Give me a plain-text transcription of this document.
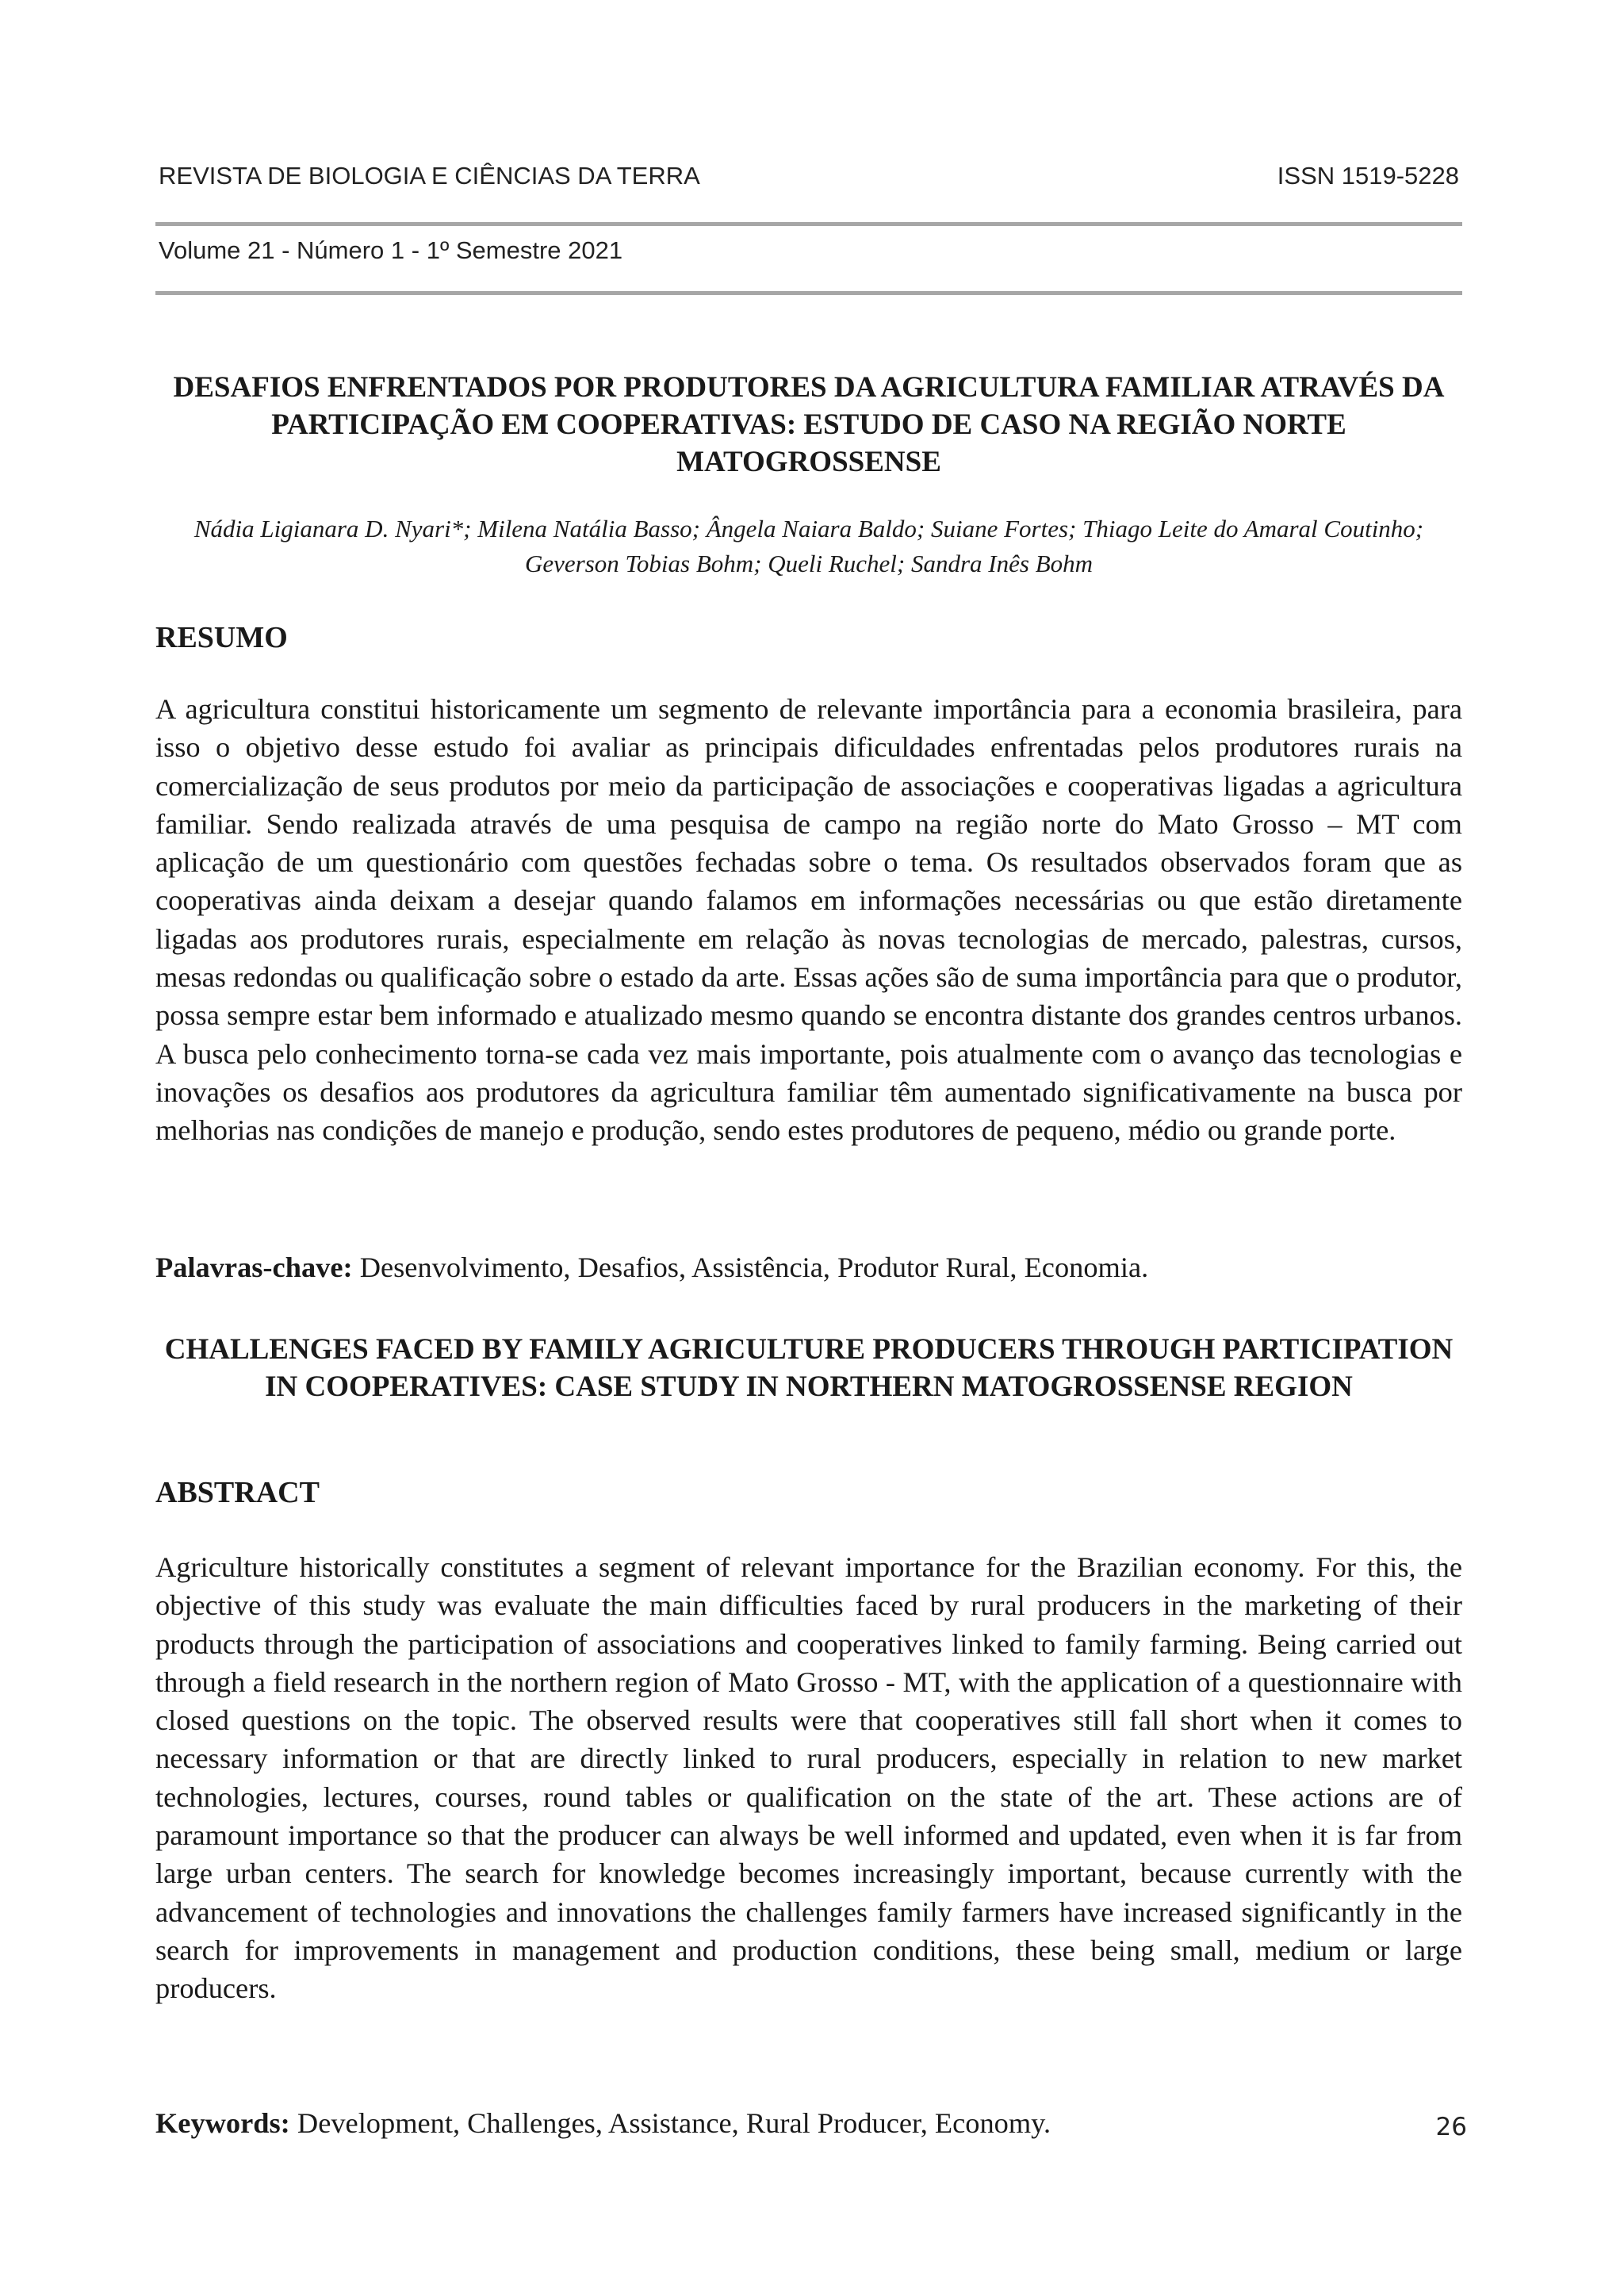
REVISTA DE BIOLOGIA E CIÊNCIAS DA TERRA	ISSN 1519-5228
Volume 21 - Número 1 - 1º Semestre 2021
DESAFIOS ENFRENTADOS POR PRODUTORES DA AGRICULTURA FAMILIAR ATRAVÉS DA PARTICIPAÇÃO EM COOPERATIVAS: ESTUDO DE CASO NA REGIÃO NORTE MATOGROSSENSE
Nádia Ligianara D. Nyari*; Milena Natália Basso; Ângela Naiara Baldo; Suiane Fortes; Thiago Leite do Amaral Coutinho; Geverson Tobias Bohm; Queli Ruchel; Sandra Inês Bohm
RESUMO
A agricultura constitui historicamente um segmento de relevante importância para a economia brasileira, para isso o objetivo desse estudo foi avaliar as principais dificuldades enfrentadas pelos produtores rurais na comercialização de seus produtos por meio da participação de associações e cooperativas ligadas a agricultura familiar. Sendo realizada através de uma pesquisa de campo na região norte do Mato Grosso – MT com aplicação de um questionário com questões fechadas sobre o tema. Os resultados observados foram que as cooperativas ainda deixam a desejar quando falamos em informações necessárias ou que estão diretamente ligadas aos produtores rurais, especialmente em relação às novas tecnologias de mercado, palestras, cursos, mesas redondas ou qualificação sobre o estado da arte. Essas ações são de suma importância para que o produtor, possa sempre estar bem informado e atualizado mesmo quando se encontra distante dos grandes centros urbanos. A busca pelo conhecimento torna-se cada vez mais importante, pois atualmente com o avanço das tecnologias e inovações os desafios aos produtores da agricultura familiar têm aumentado significativamente na busca por melhorias nas condições de manejo e produção, sendo estes produtores de pequeno, médio ou grande porte.
Palavras-chave: Desenvolvimento, Desafios, Assistência, Produtor Rural, Economia.
CHALLENGES FACED BY FAMILY AGRICULTURE PRODUCERS THROUGH PARTICIPATION IN COOPERATIVES: CASE STUDY IN NORTHERN MATOGROSSENSE REGION
ABSTRACT
Agriculture historically constitutes a segment of relevant importance for the Brazilian economy. For this, the objective of this study was evaluate the main difficulties faced by rural producers in the marketing of their products through the participation of associations and cooperatives linked to family farming. Being carried out through a field research in the northern region of Mato Grosso - MT, with the application of a questionnaire with closed questions on the topic. The observed results were that cooperatives still fall short when it comes to necessary information or that are directly linked to rural producers, especially in relation to new market technologies, lectures, courses, round tables or qualification on the state of the art. These actions are of paramount importance so that the producer can always be well informed and updated, even when it is far from large urban centers. The search for knowledge becomes increasingly important, because currently with the advancement of technologies and innovations the challenges family farmers have increased significantly in the search for improvements in management and production conditions, these being small, medium or large producers.
Keywords: Development, Challenges, Assistance, Rural Producer, Economy.	26
